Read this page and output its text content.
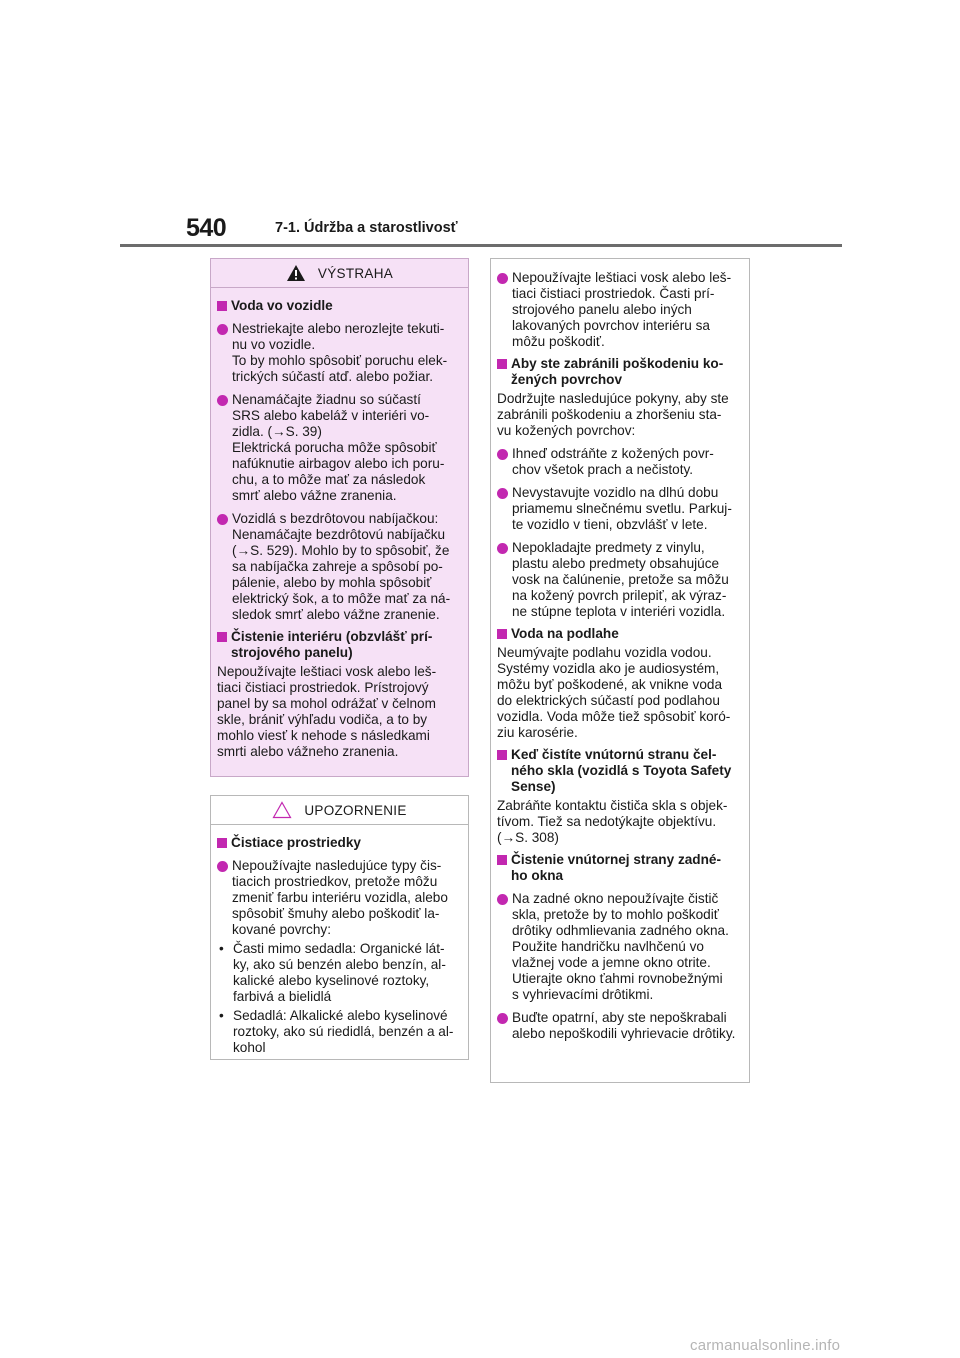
540	7-1. Údržba a starostlivosť
VÝSTRAHA
Voda vo vozidle
Nestriekajte alebo nerozlejte tekuti-
nu vo vozidle.
To by mohlo spôsobiť poruchu elek-
trických súčastí atď. alebo požiar.
Nenamáčajte žiadnu so súčastí
SRS alebo kabeláž v interiéri vo-
zidla. (→S. 39)
Elektrická porucha môže spôsobiť
nafúknutie airbagov alebo ich poru-
chu, a to môže mať za následok
smrť alebo vážne zranenia.
Vozidlá s bezdrôtovou nabíjačkou:
Nenamáčajte bezdrôtovú nabíjačku
(→S. 529). Mohlo by to spôsobiť, že
sa nabíjačka zahreje a spôsobí po-
pálenie, alebo by mohla spôsobiť
elektrický šok, a to môže mať za ná-
sledok smrť alebo vážne zranenie.
Čistenie interiéru (obzvlášť prí-
strojového panelu)
Nepoužívajte leštiaci vosk alebo leš-
tiaci čistiaci prostriedok. Prístrojový
panel by sa mohol odrážať v čelnom
skle, brániť výhľadu vodiča, a to by
mohlo viesť k nehode s následkami
smrti alebo vážneho zranenia.
UPOZORNENIE
Čistiace prostriedky
Nepoužívajte nasledujúce typy čis-
tiacich prostriedkov, pretože môžu
zmeniť farbu interiéru vozidla, alebo
spôsobiť šmuhy alebo poškodiť la-
kované povrchy:
• Časti mimo sedadla: Organické lát-
ky, ako sú benzén alebo benzín, al-
kalické alebo kyselinové roztoky,
farbivá a bielidlá
• Sedadlá: Alkalické alebo kyselinové
roztoky, ako sú riedidlá, benzén a al-
kohol
Nepoužívajte leštiaci vosk alebo leš-
tiaci čistiaci prostriedok. Časti prí-
strojového panelu alebo iných
lakovaných povrchov interiéru sa
môžu poškodiť.
Aby ste zabránili poškodeniu ko-
žených povrchov
Dodržujte nasledujúce pokyny, aby ste
zabránili poškodeniu a zhoršeniu sta-
vu kožených povrchov:
Ihneď odstráňte z kožených povr-
chov všetok prach a nečistoty.
Nevystavujte vozidlo na dlhú dobu
priamemu slnečnému svetlu. Parkuj-
te vozidlo v tieni, obzvlášť v lete.
Nepokladajte predmety z vinylu,
plastu alebo predmety obsahujúce
vosk na čalúnenie, pretože sa môžu
na kožený povrch prilepiť, ak výraz-
ne stúpne teplota v interiéri vozidla.
Voda na podlahe
Neumývajte podlahu vozidla vodou.
Systémy vozidla ako je audiosystém,
môžu byť poškodené, ak vnikne voda
do elektrických súčastí pod podlahou
vozidla. Voda môže tiež spôsobiť koró-
ziu karosérie.
Keď čistíte vnútornú stranu čel-
ného skla (vozidlá s Toyota Safety
Sense)
Zabráňte kontaktu čističa skla s objek-
tívom. Tiež sa nedotýkajte objektívu.
(→S. 308)
Čistenie vnútornej strany zadné-
ho okna
Na zadné okno nepoužívajte čistič
skla, pretože by to mohlo poškodiť
drôtiky odhmlievania zadného okna.
Použite handričku navlhčenú vo
vlažnej vode a jemne okno otrite.
Utierajte okno ťahmi rovnobežnými
s vyhrievacími drôtikmi.
Buďte opatrní, aby ste nepoškrabali
alebo nepoškodili vyhrievacie drôtiky.
carmanualsonline.info
